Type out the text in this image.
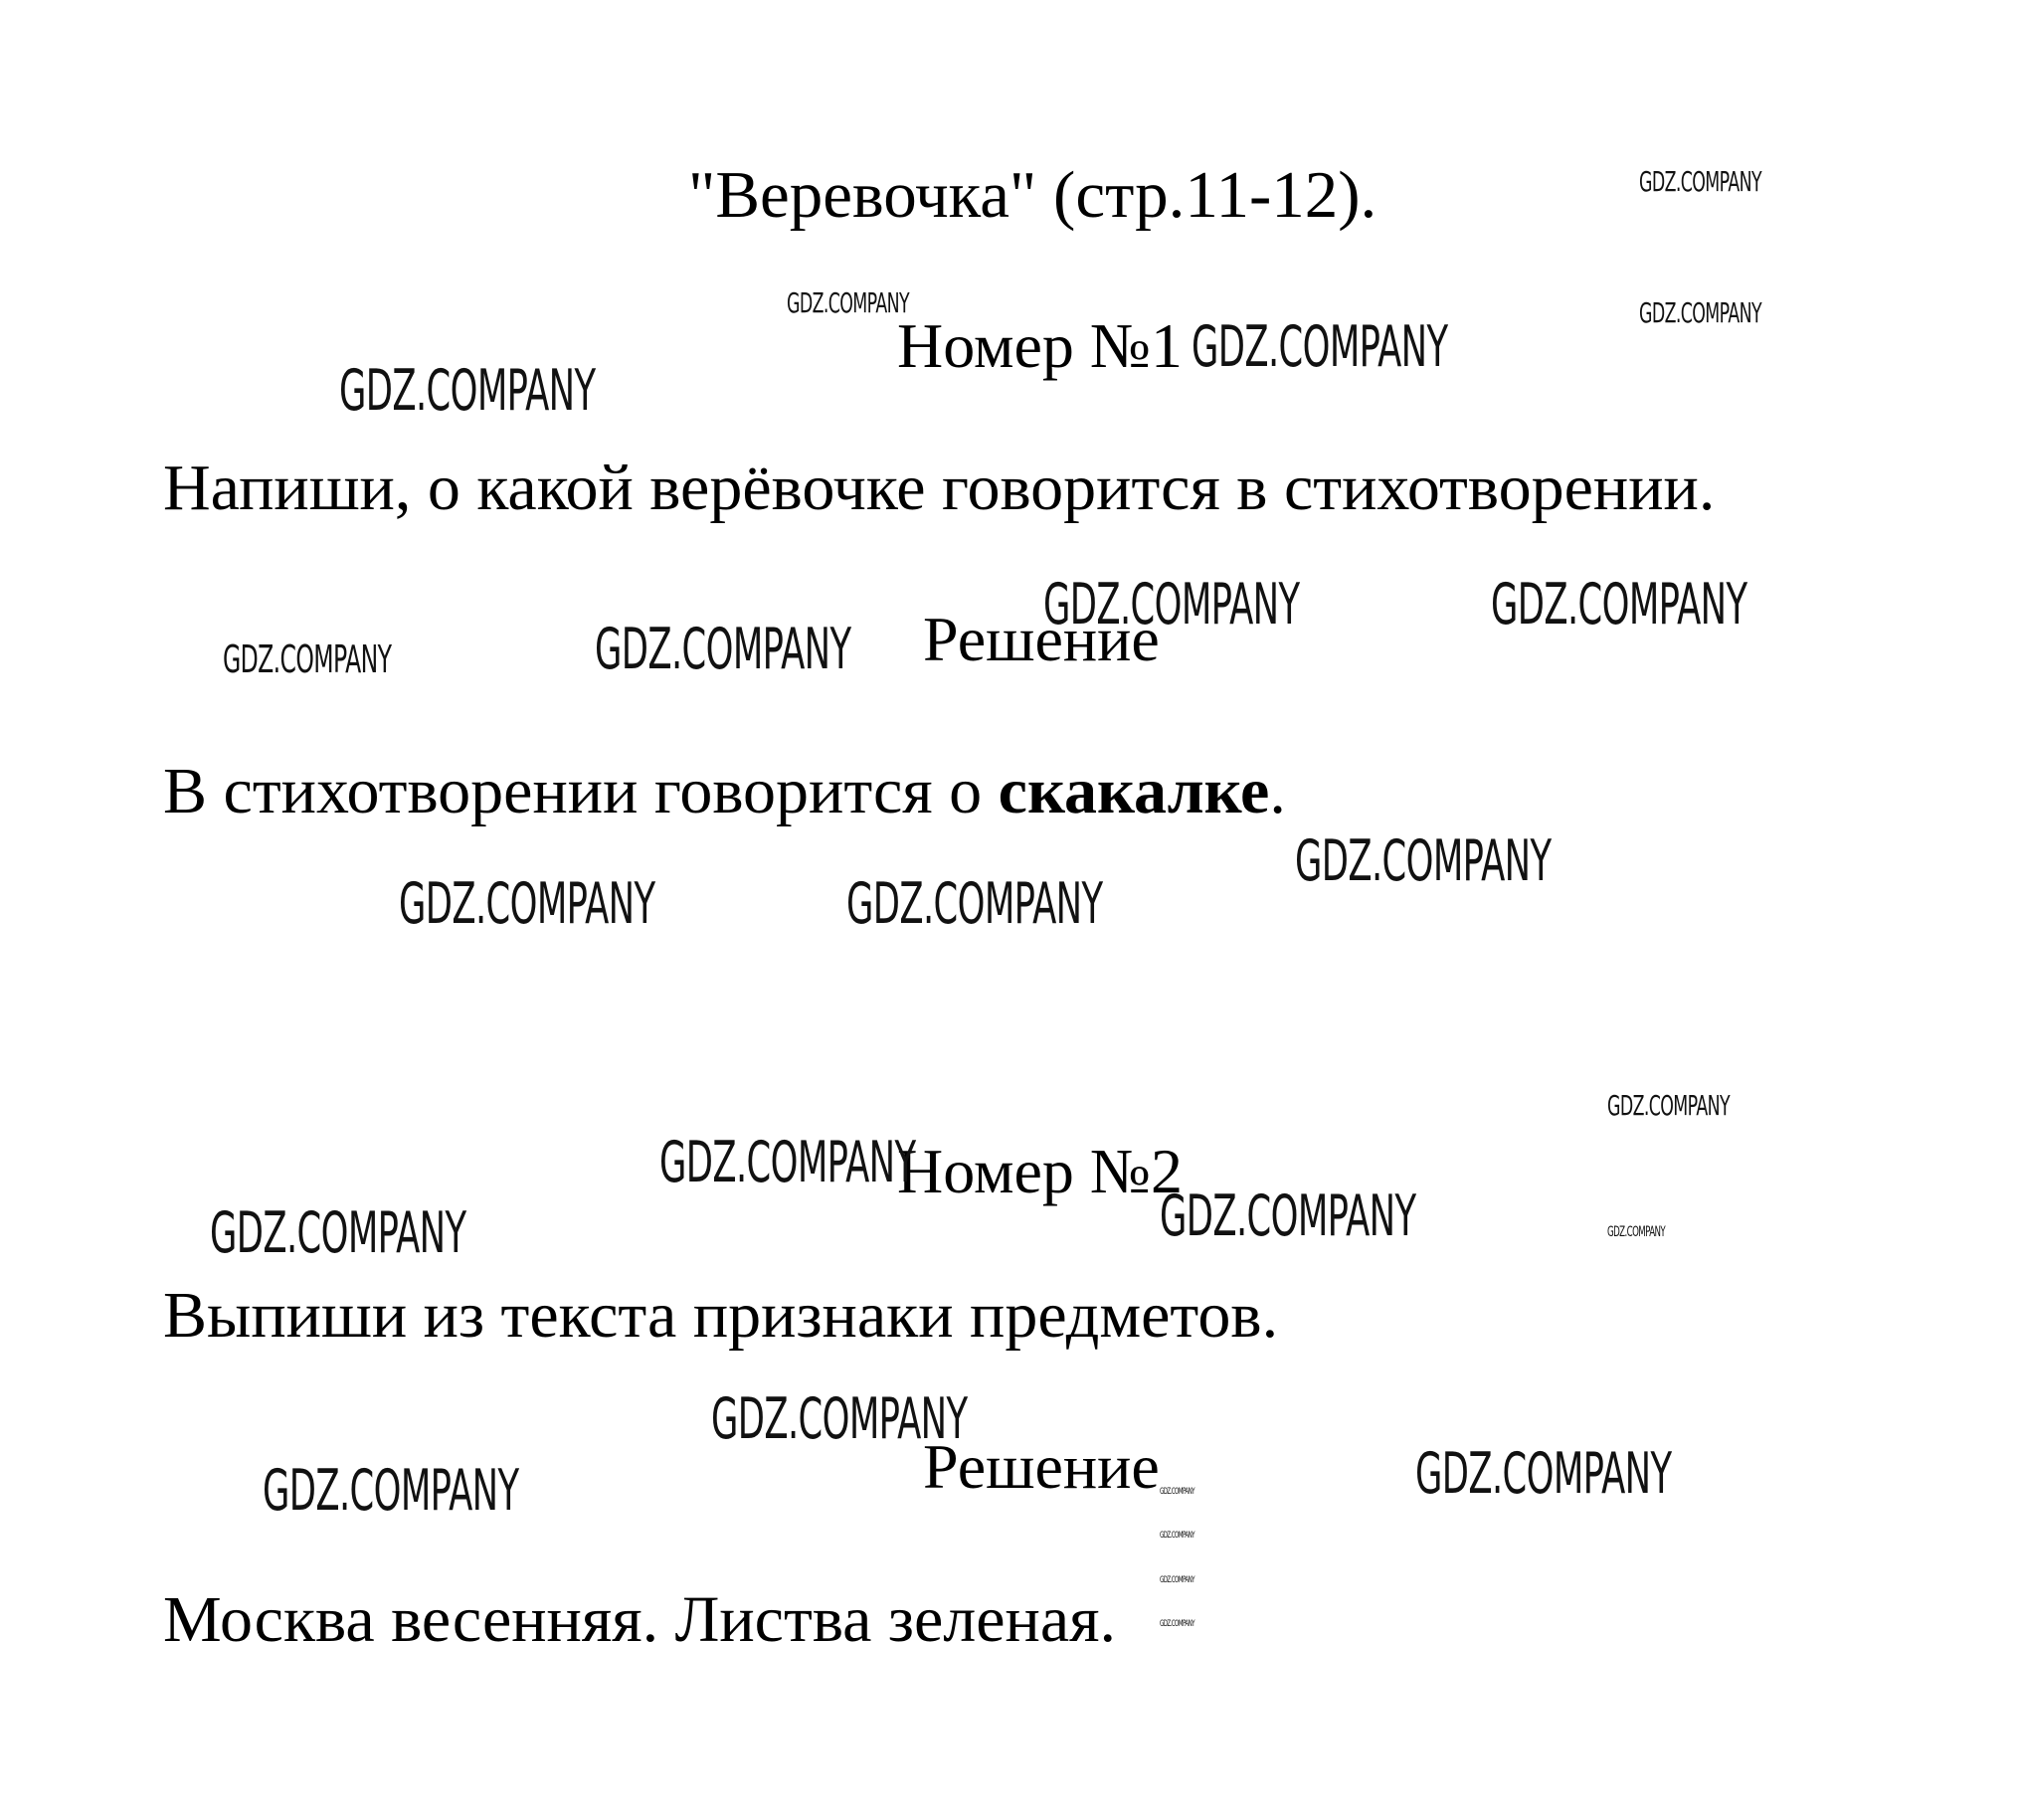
"Веревочка" (стр.11-12).
Номер №1
Напиши, о какой верёвочке говорится в стихотворении.
Решение
В стихотворении говорится о скакалке.
Номер №2
Выпиши из текста признаки предметов.
Решение
Москва весенняя. Листва зеленая.
GDZ.COMPANY
GDZ.COMPANY	GDZ.COMPANY
GDZ.COMPANY
GDZ.COMPANY
GDZ.COMPANY	GDZ.COMPANY
GDZ.COMPANY	GDZ.COMPANY
GDZ.COMPANY
GDZ.COMPANY	GDZ.COMPANY
GDZ.COMPANY
GDZ.COMPANY
GDZ.COMPANY
GDZ.COMPANY	GDZ.COMPANY
GDZ.COMPANY
GDZ.COMPANY
GDZ.COMPANY	GDZ.COMPANY
GDZ.COMPANY
GDZ.COMPANY
GDZ.COMPANY
